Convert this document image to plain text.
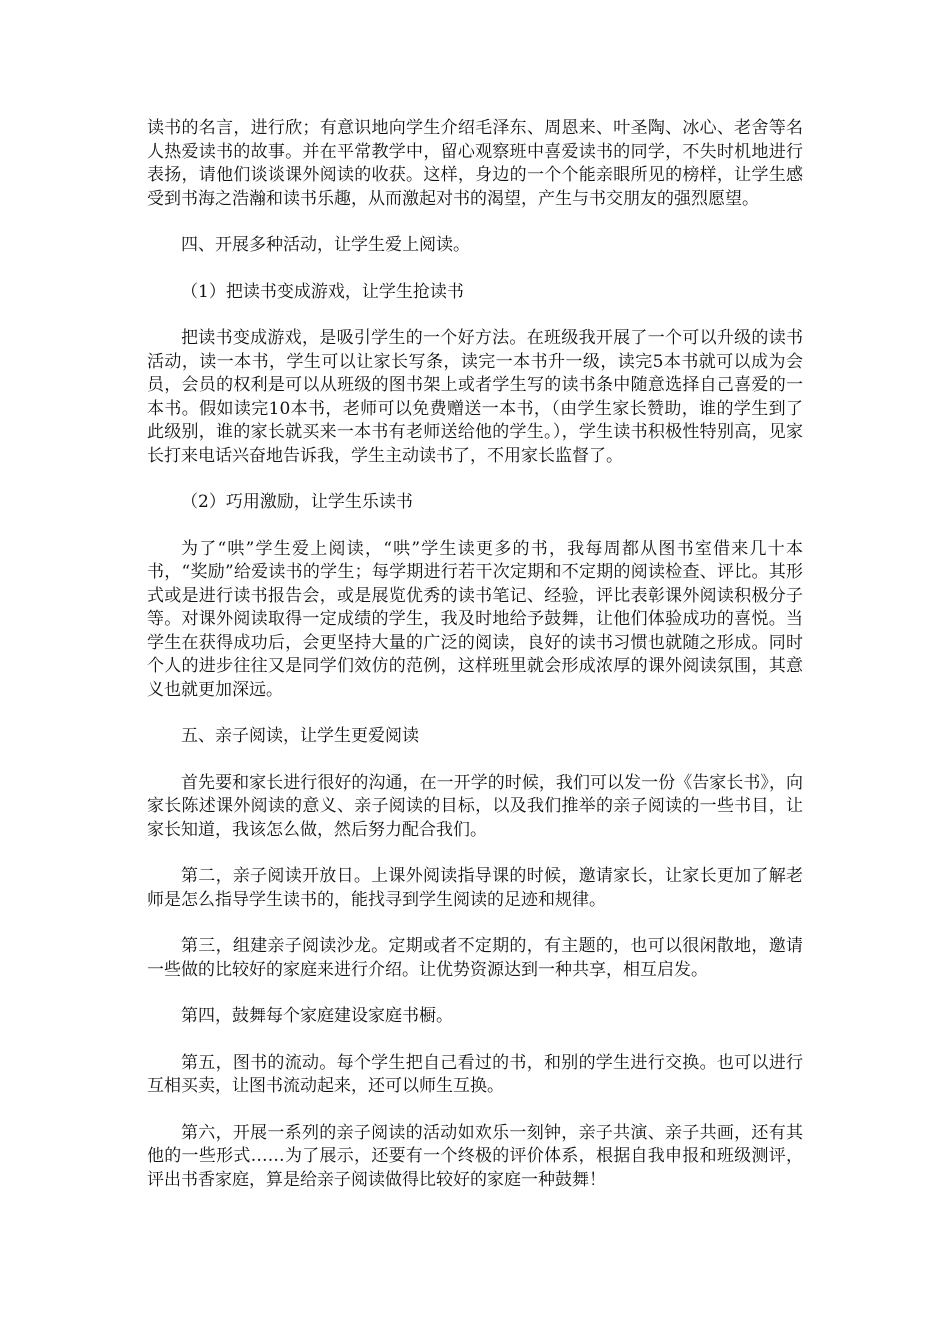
读书的名言，进行欣；有意识地向学生介绍毛泽东、周恩来、叶圣陶、冰心、老舍等名人热爱读书的故事。并在平常教学中，留心观察班中喜爱读书的同学，不失时机地进行表扬，请他们谈谈课外阅读的收获。这样，身边的一个个能亲眼所见的榜样，让学生感受到书海之浩瀚和读书乐趣，从而激起对书的渴望，产生与书交朋友的强烈愿望。

四、开展多种活动，让学生爱上阅读。

（1）把读书变成游戏，让学生抢读书

把读书变成游戏，是吸引学生的一个好方法。在班级我开展了一个可以升级的读书活动，读一本书，学生可以让家长写条，读完一本书升一级，读完5本书就可以成为会员，会员的权利是可以从班级的图书架上或者学生写的读书条中随意选择自己喜爱的一本书。假如读完10本书，老师可以免费赠送一本书，（由学生家长赞助，谁的学生到了此级别，谁的家长就买来一本书有老师送给他的学生。），学生读书积极性特别高，见家长打来电话兴奋地告诉我，学生主动读书了，不用家长监督了。

（2）巧用激励，让学生乐读书

为了“哄”学生爱上阅读，“哄”学生读更多的书，我每周都从图书室借来几十本书，“奖励”给爱读书的学生；每学期进行若干次定期和不定期的阅读检查、评比。其形式或是进行读书报告会，或是展览优秀的读书笔记、经验，评比表彰课外阅读积极分子等。对课外阅读取得一定成绩的学生，我及时地给予鼓舞，让他们体验成功的喜悦。当学生在获得成功后，会更坚持大量的广泛的阅读，良好的读书习惯也就随之形成。同时个人的进步往往又是同学们效仿的范例，这样班里就会形成浓厚的课外阅读氛围，其意义也就更加深远。

五、亲子阅读，让学生更爱阅读

首先要和家长进行很好的沟通，在一开学的时候，我们可以发一份《告家长书》，向家长陈述课外阅读的意义、亲子阅读的目标，以及我们推举的亲子阅读的一些书目，让家长知道，我该怎么做，然后努力配合我们。

第二，亲子阅读开放日。上课外阅读指导课的时候，邀请家长，让家长更加了解老师是怎么指导学生读书的，能找寻到学生阅读的足迹和规律。

第三，组建亲子阅读沙龙。定期或者不定期的，有主题的，也可以很闲散地，邀请一些做的比较好的家庭来进行介绍。让优势资源达到一种共享，相互启发。

第四，鼓舞每个家庭建设家庭书橱。

第五，图书的流动。每个学生把自己看过的书，和别的学生进行交换。也可以进行互相买卖，让图书流动起来，还可以师生互换。

第六，开展一系列的亲子阅读的活动如欢乐一刻钟，亲子共演、亲子共画，还有其他的一些形式……为了展示，还要有一个终极的评价体系，根据自我申报和班级测评，评出书香家庭，算是给亲子阅读做得比较好的家庭一种鼓舞！
